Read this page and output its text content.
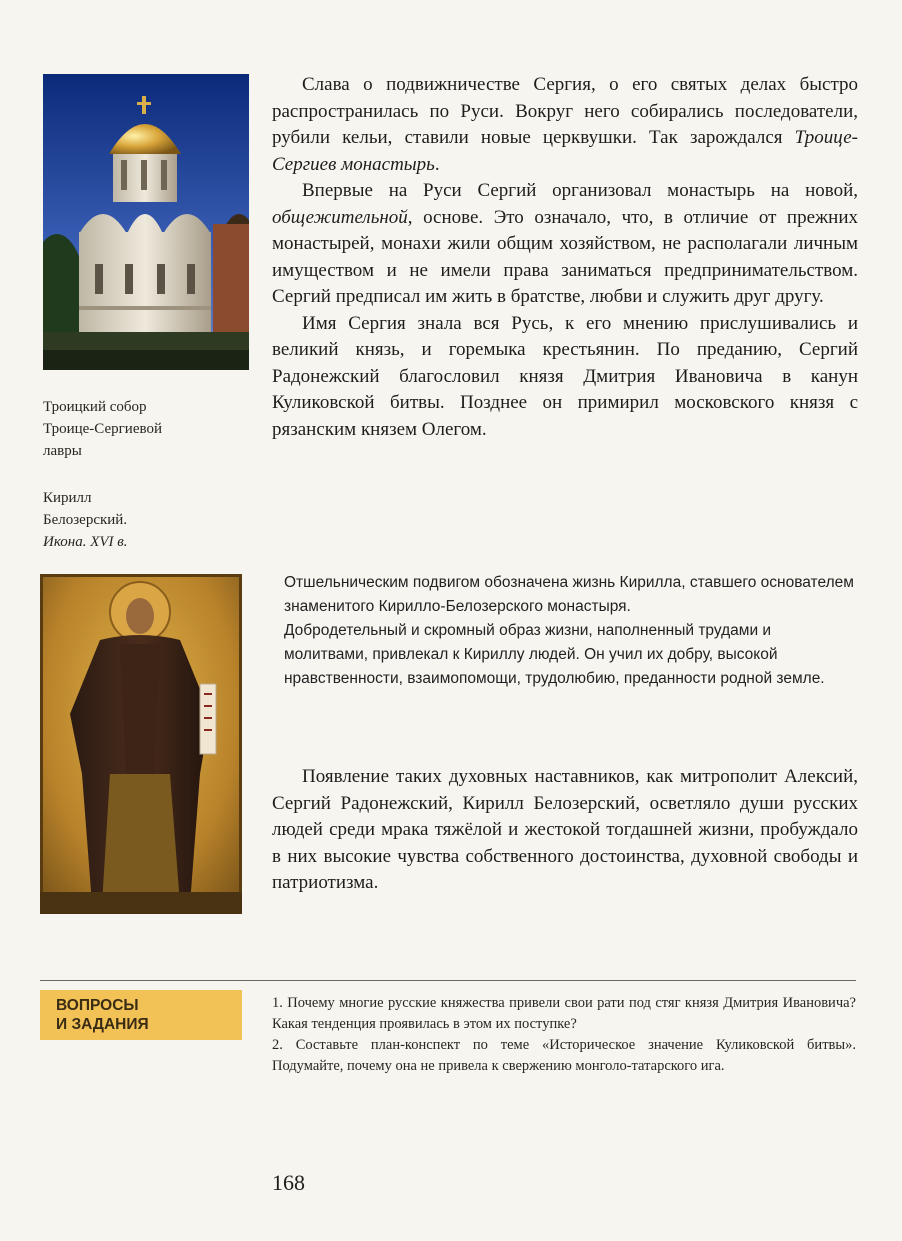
Троицкий собор
Троице-Сергиевой
лавры
Кирилл
Белозерский.
Икона. XVI в.

Слава о подвижничестве Сергия, о его святых делах быстро распространилась по Руси. Вокруг него собирались последователи, рубили кельи, ставили новые церквушки. Так зарождался Троице-Сергиев монастырь.

Впервые на Руси Сергий организовал монастырь на новой, общежительной, основе. Это означало, что, в отличие от прежних монастырей, монахи жили общим хозяйством, не располагали личным имуществом и не имели права заниматься предпринимательством. Сергий предписал им жить в братстве, любви и служить друг другу.

Имя Сергия знала вся Русь, к его мнению прислушивались и великий князь, и горемыка крестьянин. По преданию, Сергий Радонежский благословил князя Дмитрия Ивановича в канун Куликовской битвы. Позднее он примирил московского князя с рязанским князем Олегом.

Отшельническим подвигом обозначена жизнь Кирилла, ставшего основателем знаменитого Кирилло-Белозерского монастыря.

Добродетельный и скромный образ жизни, наполненный трудами и молитвами, привлекал к Кириллу людей. Он учил их добру, высокой нравственности, взаимопомощи, трудолюбию, преданности родной земле.

Появление таких духовных наставников, как митрополит Алексий, Сергий Радонежский, Кирилл Белозерский, осветляло души русских людей среди мрака тяжёлой и жестокой тогдашней жизни, пробуждало в них высокие чувства собственного достоинства, духовной свободы и патриотизма.

ВОПРОСЫ
И ЗАДАНИЯ

1. Почему многие русские княжества привели свои рати под стяг князя Дмитрия Ивановича? Какая тенденция проявилась в этом их поступке?

2. Составьте план-конспект по теме «Историческое значение Куликовской битвы». Подумайте, почему она не привела к свержению монголо-татарского ига.

168
